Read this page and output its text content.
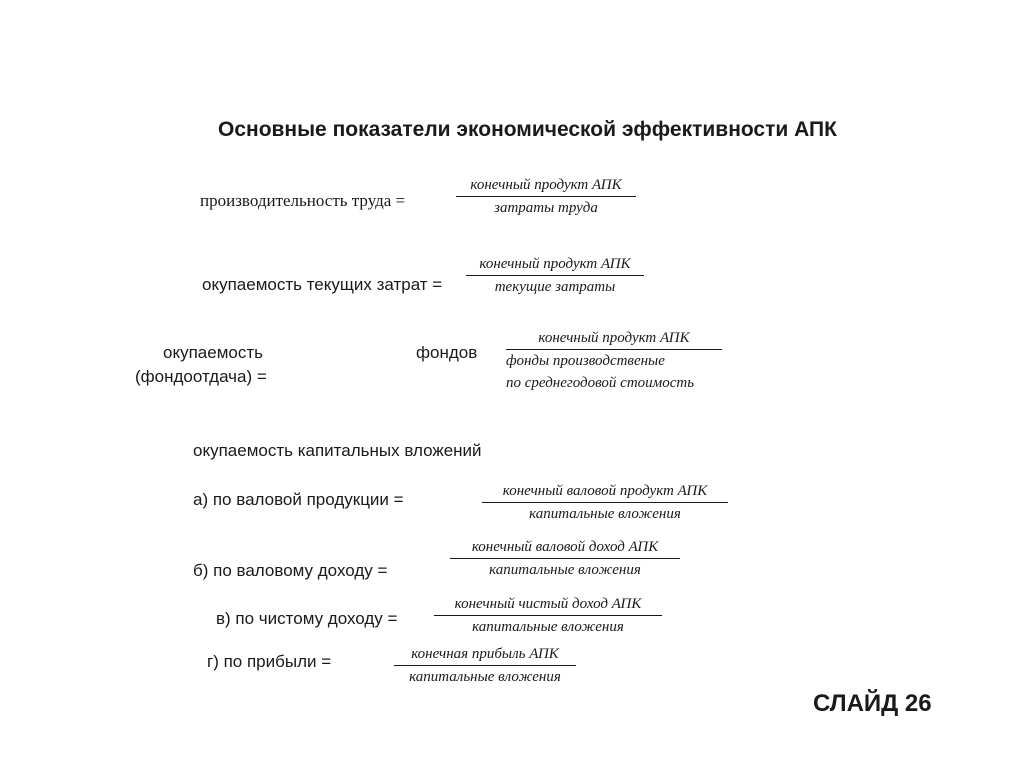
Основные показатели экономической эффективности АПК
производительность труда =
конечный продукт АПК
затраты труда
окупаемость текущих затрат =
конечный продукт АПК
текущие затраты
окупаемость
(фондоотдача) =
фондов
конечный продукт АПК
фонды производственые
по среднегодовой стоимость
окупаемость капитальных вложений
а) по валовой продукции =	конечный валовой продукт АПК
капитальные вложения
б) по валовому доходу =
конечный валовой доход АПК
капитальные вложения
в) по чистому доходу =
конечный чистый доход АПК
капитальные вложения
г) по прибыли =	конечная прибыль АПК
капитальные вложения
СЛАЙД 26
